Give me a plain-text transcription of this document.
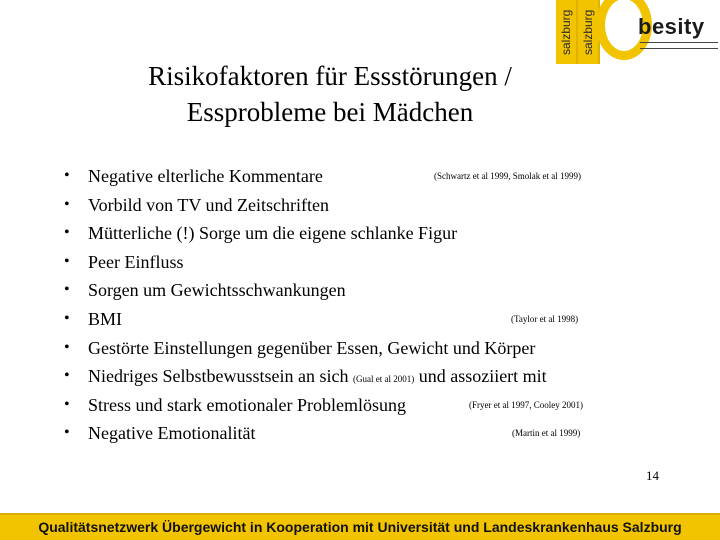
salzburg salzburg besity
Risikofaktoren für Essstörungen /
Essprobleme bei Mädchen
• Negative elterliche Kommentare	(Schwartz et al 1999, Smolak et al 1999)
• Vorbild von TV und Zeitschriften
• Mütterliche (!) Sorge um die eigene schlanke Figur
• Peer Einfluss
• Sorgen um Gewichtsschwankungen
• BMI	(Taylor et al 1998)
• Gestörte Einstellungen gegenüber Essen, Gewicht und Körper
• Niedriges Selbstbewusstsein an sich (Gual et al 2001) und assoziiert mit
• Stress und stark emotionaler Problemlösung	(Fryer et al 1997, Cooley 2001)
• Negative Emotionalität	(Martin et al 1999)
14
Qualitätsnetzwerk Übergewicht in Kooperation mit Universität und Landeskrankenhaus Salzburg
